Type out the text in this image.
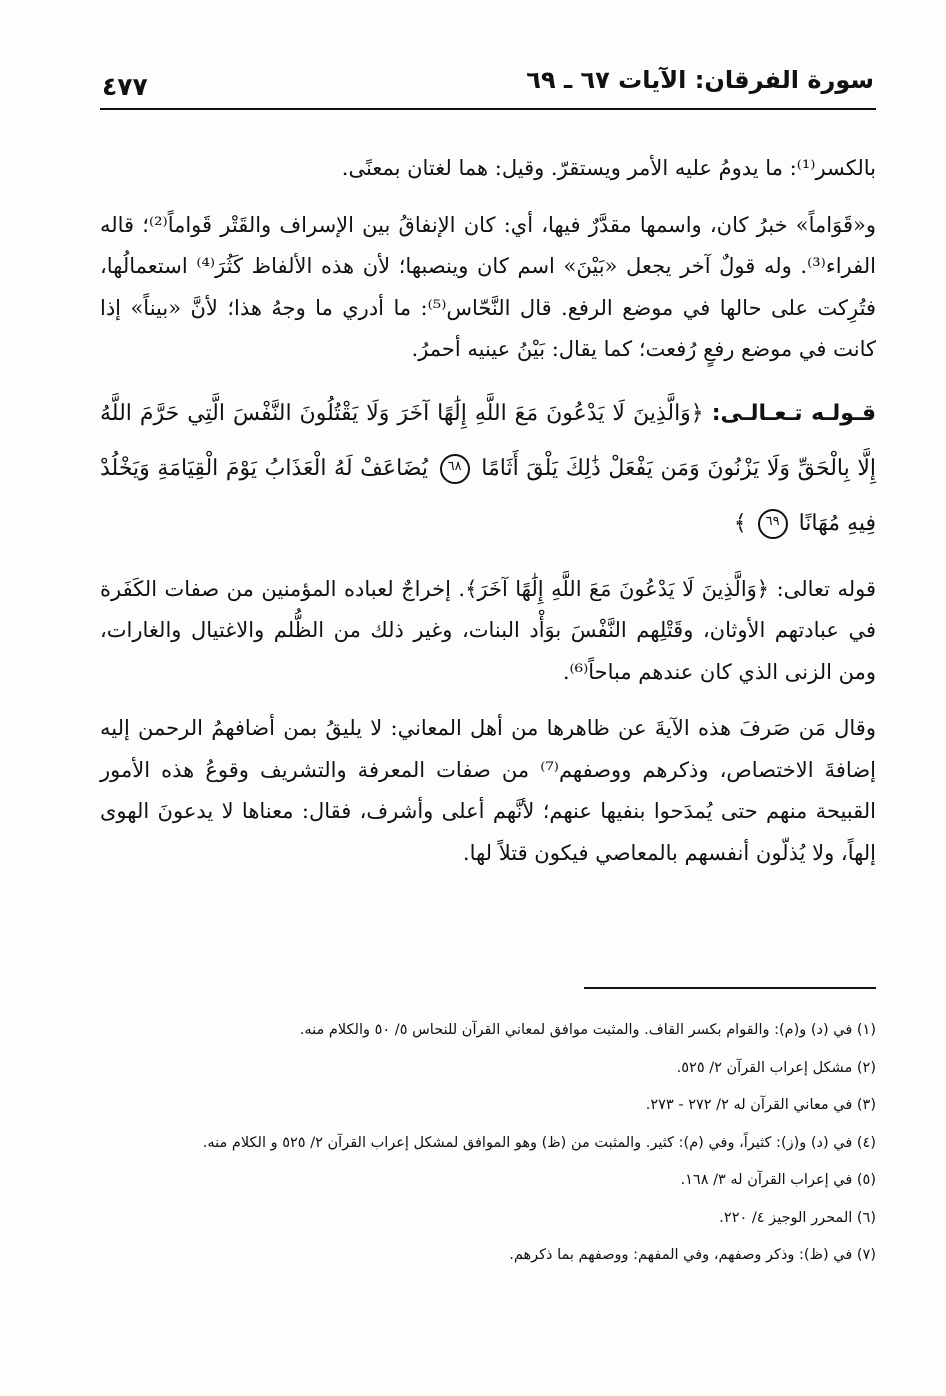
سورة الفرقان: الآيات ٦٧ ـ ٦٩
٤٧٧

بالكسر⁽¹⁾: ما يدومُ عليه الأمر ويستقرّ. وقيل: هما لغتان بمعنًى.

و«قَوَاماً» خبرُ كان، واسمها مقدَّرٌ فيها، أي: كان الإنفاقُ بين الإسراف والقَتْر قَواماً⁽²⁾؛ قاله الفراء⁽³⁾. وله قولٌ آخر يجعل «بَيْنَ» اسم كان وينصبها؛ لأن هذه الألفاظ كَثُرَ⁽⁴⁾ استعمالُها، فتُرِكت على حالها في موضع الرفع. قال النَّحّاس⁽⁵⁾: ما أدري ما وجهُ هذا؛ لأنَّ «بيناً» إذا كانت في موضع رفعٍ رُفعت؛ كما يقال: بَيْنُ عينيه أحمرُ.

قـولـه تـعـالـى: ﴿وَالَّذِينَ لَا يَدْعُونَ مَعَ اللَّهِ إِلَٰهًا آخَرَ وَلَا يَقْتُلُونَ النَّفْسَ الَّتِي حَرَّمَ اللَّهُ إِلَّا بِالْحَقِّ وَلَا يَزْنُونَ وَمَن يَفْعَلْ ذَٰلِكَ يَلْقَ أَثَامًا ٦٨ يُضَاعَفْ لَهُ الْعَذَابُ يَوْمَ الْقِيَامَةِ وَيَخْلُدْ فِيهِ مُهَانًا ٦٩ ﴾

قوله تعالى: ﴿وَالَّذِينَ لَا يَدْعُونَ مَعَ اللَّهِ إِلَٰهًا آخَرَ﴾. إخراجٌ لعباده المؤمنين من صفات الكَفَرة في عبادتهم الأوثان، وقَتْلِهم النَّفْسَ بوَأْد البنات، وغير ذلك من الظُّلم والاغتيال والغارات، ومن الزنى الذي كان عندهم مباحاً⁽⁶⁾.

وقال مَن صَرفَ هذه الآيةَ عن ظاهرها من أهل المعاني: لا يليقُ بمن أضافهمُ الرحمن إليه إضافةَ الاختصاص، وذكرهم ووصفهم⁽⁷⁾ من صفات المعرفة والتشريف وقوعُ هذه الأمور القبيحة منهم حتى يُمدَحوا بنفيها عنهم؛ لأنَّهم أعلى وأشرف، فقال: معناها لا يدعونَ الهوى إلهاً، ولا يُذلّون أنفسهم بالمعاصي فيكون قتلاً لها.

(١) في (د) و(م): والقوام بكسر القاف. والمثبت موافق لمعاني القرآن للنحاس ٥/ ٥٠ والكلام منه.

(٢) مشكل إعراب القرآن ٢/ ٥٢٥.

(٣) في معاني القرآن له ٢/ ٢٧٢ - ٢٧٣.

(٤) في (د) و(ز): كثيراً، وفي (م): كثير. والمثبت من (ظ) وهو الموافق لمشكل إعراب القرآن ٢/ ٥٢٥ و الكلام منه.

(٥) في إعراب القرآن له ٣/ ١٦٨.

(٦) المحرر الوجيز ٤/ ٢٢٠.

(٧) في (ظ): وذكر وصفهم، وفي المفهم: ووصفهم بما ذكرهم.
